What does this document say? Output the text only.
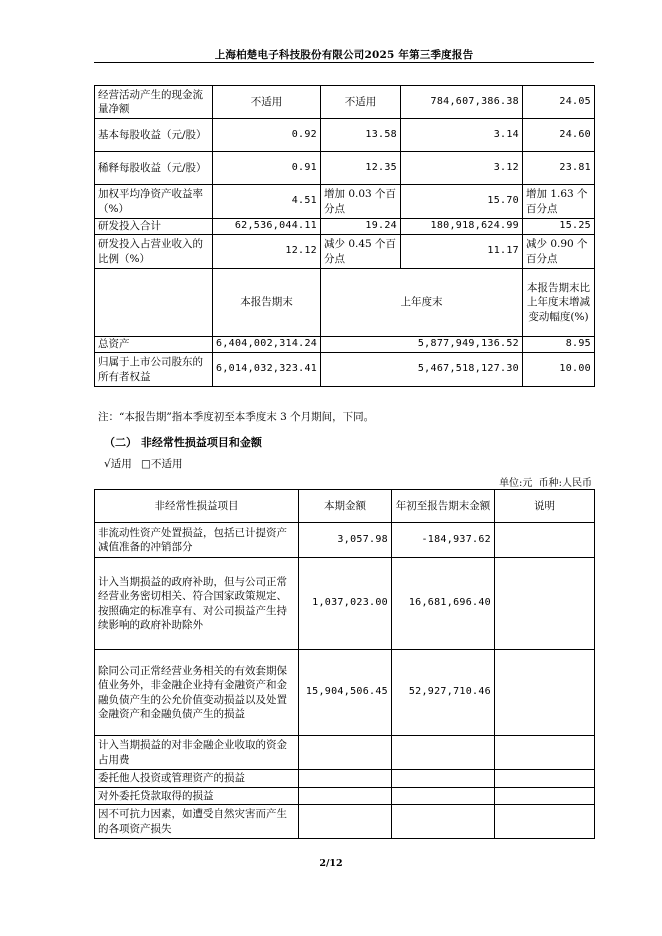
上海柏楚电子科技股份有限公司2025 年第三季度报告
经营活动产生的现金流量净额	不适用	不适用	784,607,386.38	24.05
基本每股收益（元/股）	0.92	13.58	3.14	24.60
稀释每股收益（元/股）	0.91	12.35	3.12	23.81
加权平均净资产收益率（%）	4.51	增加 0.03 个百分点	15.70	增加 1.63 个百分点
研发投入合计	62,536,044.11	19.24	180,918,624.99	15.25
研发投入占营业收入的比例（%）	12.12	减少 0.45 个百分点	11.17	减少 0.90 个百分点
	本报告期末	上年度末		本报告期末比上年度末增减变动幅度(%)
总资产	6,404,002,314.24	5,877,949,136.52		8.95
归属于上市公司股东的所有者权益	6,014,032,323.41	5,467,518,127.30		10.00
注：“本报告期”指本季度初至本季度末 3 个月期间，下同。
（二） 非经常性损益项目和金额
√适用 □不适用
单位:元 币种:人民币
非经常性损益项目	本期金额	年初至报告期末金额	说明
非流动性资产处置损益，包括已计提资产减值准备的冲销部分	3,057.98	-184,937.62	
计入当期损益的政府补助，但与公司正常经营业务密切相关、符合国家政策规定、按照确定的标准享有、对公司损益产生持续影响的政府补助除外	1,037,023.00	16,681,696.40	
除同公司正常经营业务相关的有效套期保值业务外，非金融企业持有金融资产和金融负债产生的公允价值变动损益以及处置金融资产和金融负债产生的损益	15,904,506.45	52,927,710.46	
计入当期损益的对非金融企业收取的资金占用费			
委托他人投资或管理资产的损益			
对外委托贷款取得的损益			
因不可抗力因素，如遭受自然灾害而产生的各项资产损失			
2/12
